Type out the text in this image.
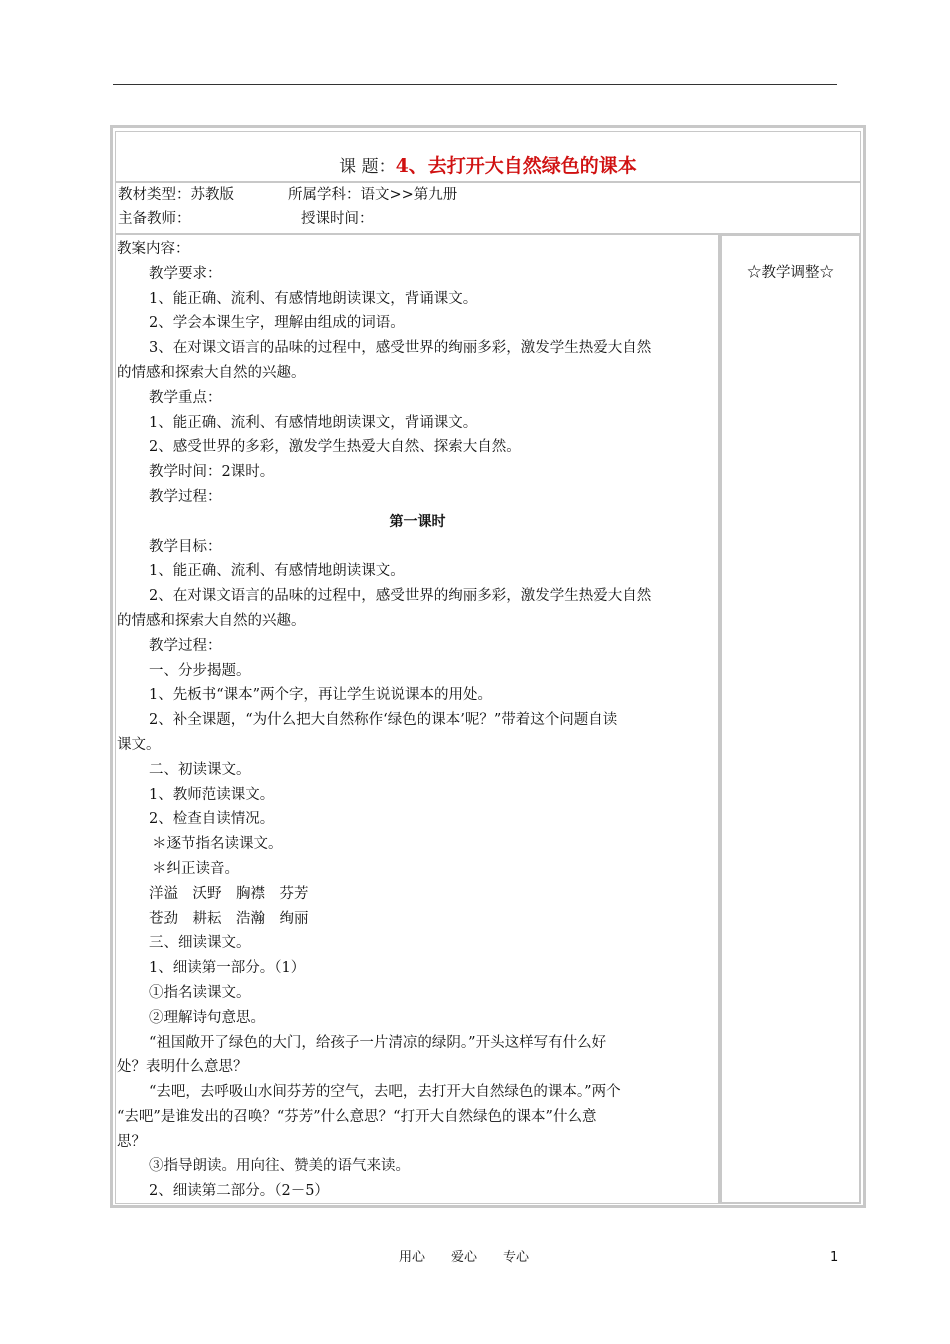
课 题：4、去打开大自然绿色的课本
教材类型：苏教版	所属学科：语文>>第九册
主备教师：	授课时间：
教案内容：
教学要求：
1、能正确、流利、有感情地朗读课文，背诵课文。
2、学会本课生字，理解由组成的词语。
3、在对课文语言的品味的过程中，感受世界的绚丽多彩，激发学生热爱大自然
的情感和探索大自然的兴趣。
教学重点：
1、能正确、流利、有感情地朗读课文，背诵课文。
2、感受世界的多彩，激发学生热爱大自然、探索大自然。
教学时间：2课时。
教学过程：
第一课时
教学目标：
1、能正确、流利、有感情地朗读课文。
2、在对课文语言的品味的过程中，感受世界的绚丽多彩，激发学生热爱大自然
的情感和探索大自然的兴趣。
教学过程：
一、分步揭题。
1、先板书“课本”两个字，再让学生说说课本的用处。
2、补全课题，“为什么把大自然称作‘绿色的课本’呢？”带着这个问题自读
课文。
二、初读课文。
1、教师范读课文。
2、检查自读情况。
＊逐节指名读课文。
＊纠正读音。
洋溢　沃野　胸襟　芬芳
苍劲　耕耘　浩瀚　绚丽
三、细读课文。
1、细读第一部分。（1）
①指名读课文。
②理解诗句意思。
“祖国敞开了绿色的大门，给孩子一片清凉的绿阴。”开头这样写有什么好
处？表明什么意思？
“去吧，去呼吸山水间芬芳的空气，去吧，去打开大自然绿色的课本。”两个
“去吧”是谁发出的召唤？“芬芳”什么意思？“打开大自然绿色的课本”什么意
思？
③指导朗读。用向往、赞美的语气来读。
2、细读第二部分。（2－5）
☆教学调整☆
用心　　爱心　　专心	1
